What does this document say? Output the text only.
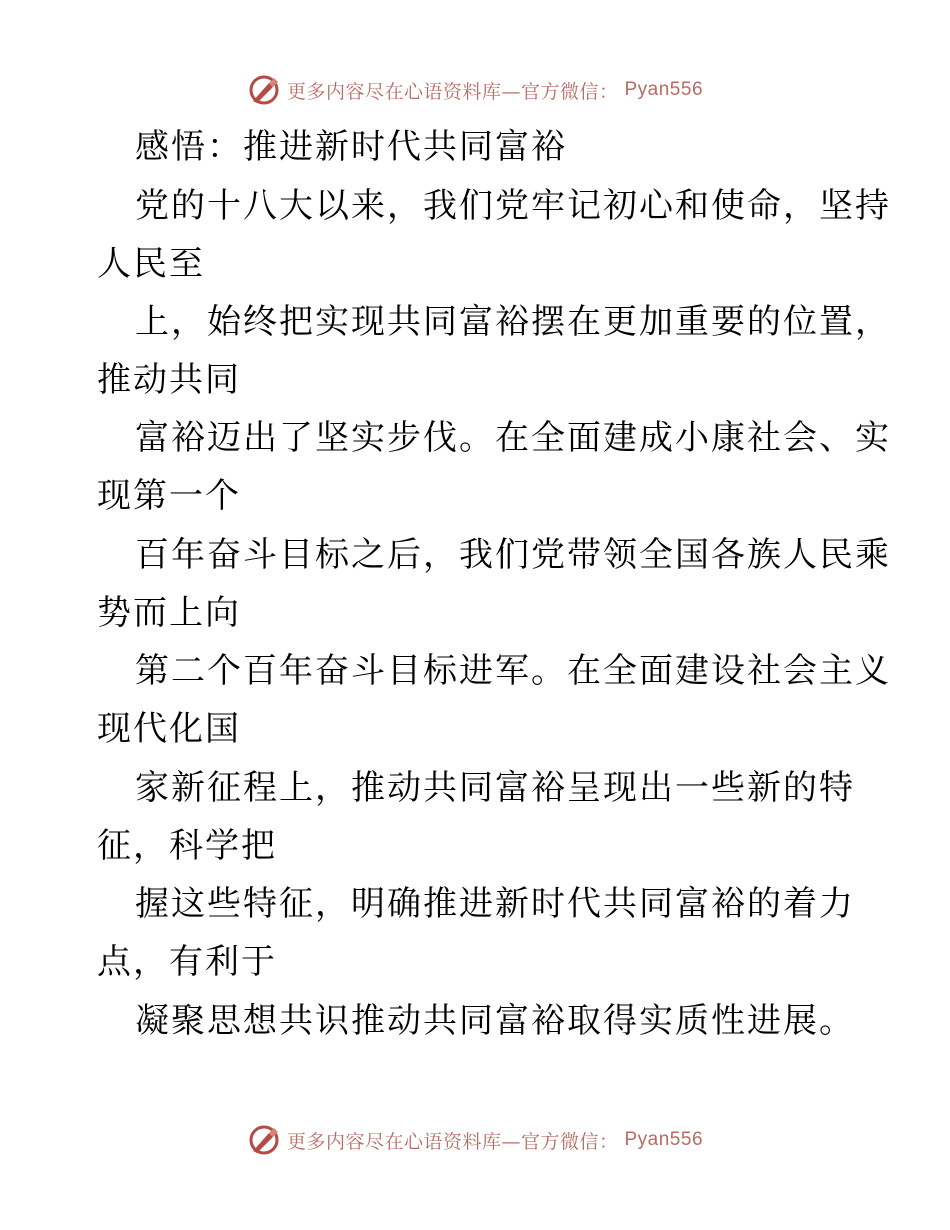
更多内容尽在心语资料库—官方微信： Pyan556
感悟：推进新时代共同富裕
党的十八大以来，我们党牢记初心和使命，坚持
人民至
上，始终把实现共同富裕摆在更加重要的位置，
推动共同
富裕迈出了坚实步伐。在全面建成小康社会、实
现第一个
百年奋斗目标之后，我们党带领全国各族人民乘
势而上向
第二个百年奋斗目标进军。在全面建设社会主义
现代化国
家新征程上，推动共同富裕呈现出一些新的特
征，科学把
握这些特征，明确推进新时代共同富裕的着力
点，有利于
凝聚思想共识推动共同富裕取得实质性进展。
更多内容尽在心语资料库—官方微信： Pyan556
